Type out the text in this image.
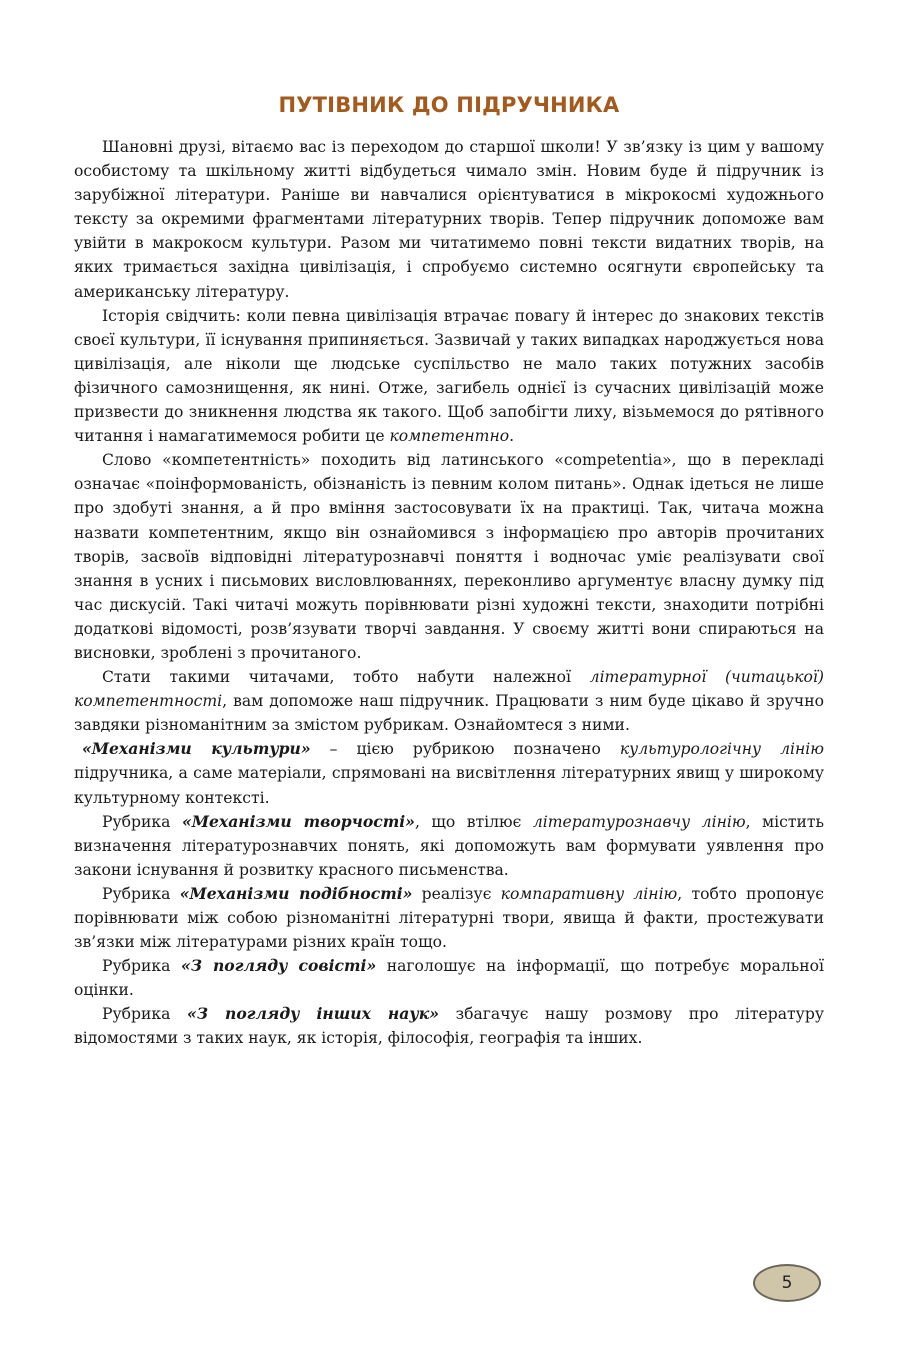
ПУТІВНИК ДО ПІДРУЧНИКА

Шановні друзі, вітаємо вас із переходом до старшої школи! У зв’язку із цим у вашому особистому та шкільному житті відбудеться чимало змін. Новим буде й підручник із зарубіжної літератури. Раніше ви навчалися орієнтуватися в мікрокосмі художнього тексту за окремими фрагментами літературних творів. Тепер підручник допоможе вам увійти в макрокосм культури. Разом ми читатимемо повні тексти видатних творів, на яких тримається західна цивілізація, і спробуємо системно осягнути європейську та американську літературу.

Історія свідчить: коли певна цивілізація втрачає повагу й інтерес до знакових текстів своєї культури, її існування припиняється. Зазвичай у таких випадках народжується нова цивілізація, але ніколи ще людське суспільство не мало таких потужних засобів фізичного самознищення, як нині. Отже, загибель однієї із сучасних цивілізацій може призвести до зникнення людства як такого. Щоб запобігти лиху, візьмемося до рятівного читання і намагатимемося робити це компетентно.

Слово «компетентність» походить від латинського «competentia», що в перекладі означає «поінформованість, обізнаність із певним колом питань». Однак ідеться не лише про здобуті знання, а й про вміння застосовувати їх на практиці. Так, читача можна назвати компетентним, якщо він ознайомився з інформацією про авторів прочитаних творів, засвоїв відповідні літературознавчі поняття і водночас уміє реалізувати свої знання в усних і письмових висловлюваннях, переконливо аргументує власну думку під час дискусій. Такі читачі можуть порівнювати різні художні тексти, знаходити потрібні додаткові відомості, розв’язувати творчі завдання. У своєму житті вони спираються на висновки, зроблені з прочитаного.

Стати такими читачами, тобто набути належної літературної (читацької) компетентності, вам допоможе наш підручник. Працювати з ним буде цікаво й зручно завдяки різноманітним за змістом рубрикам. Ознайомтеся з ними.

«Механізми культури» – цією рубрикою позначено культурологічну лінію підручника, а саме матеріали, спрямовані на висвітлення літературних явищ у широкому культурному контексті.

Рубрика «Механізми творчості», що втілює літературознавчу лінію, містить визначення літературознавчих понять, які допоможуть вам формувати уявлення про закони існування й розвитку красного письменства.

Рубрика «Механізми подібності» реалізує компаративну лінію, тобто пропонує порівнювати між собою різноманітні літературні твори, явища й факти, простежувати зв’язки між літературами різних країн тощо.

Рубрика «З погляду совісті» наголошує на інформації, що потребує моральної оцінки.

Рубрика «З погляду інших наук» збагачує нашу розмову про літературу відомостями з таких наук, як історія, філософія, географія та інших.

5
